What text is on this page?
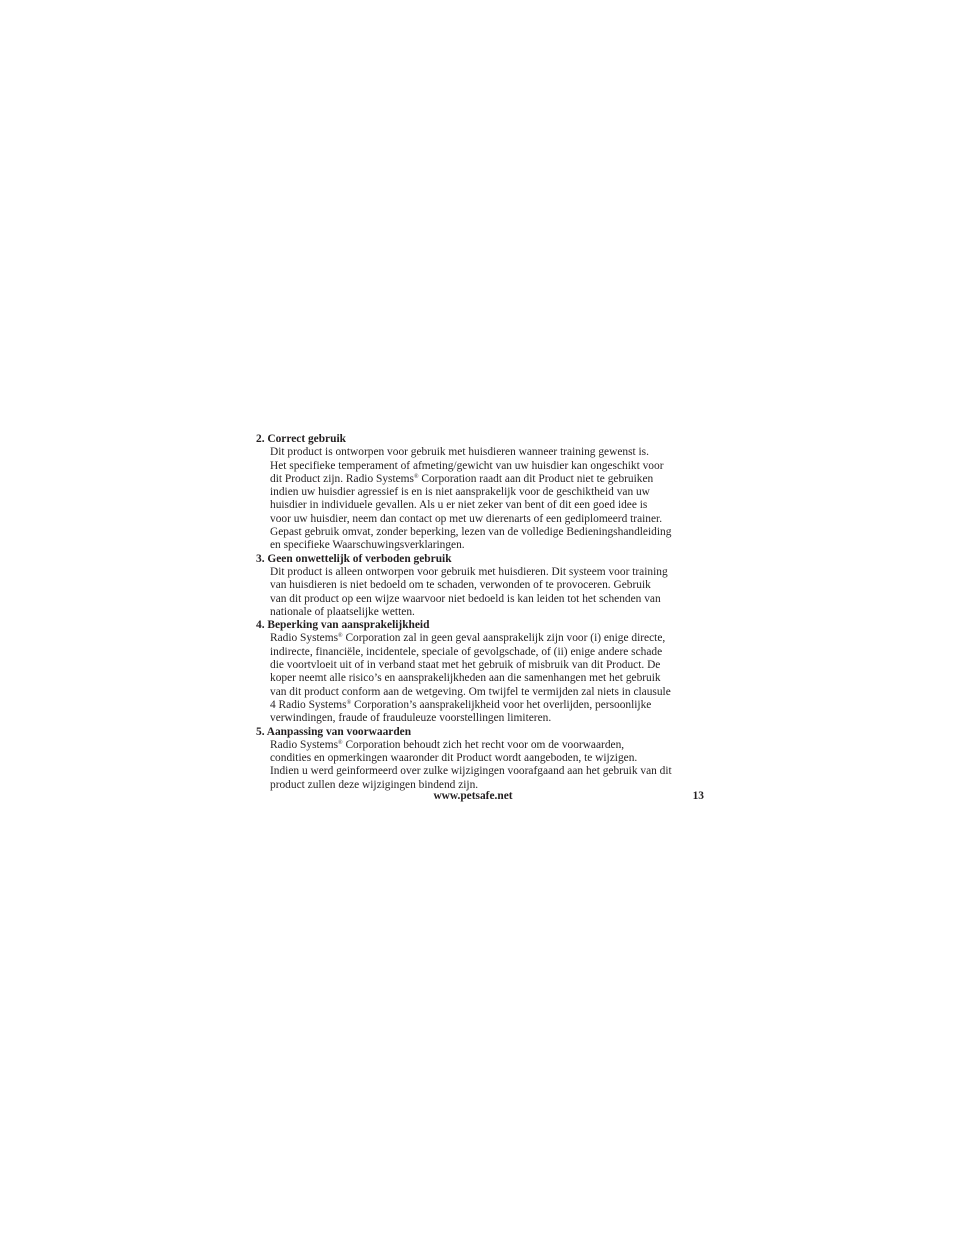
2. Correct gebruik
Dit product is ontworpen voor gebruik met huisdieren wanneer training gewenst is.
Het specifieke temperament of afmeting/gewicht van uw huisdier kan ongeschikt voor
dit Product zijn. Radio Systems® Corporation raadt aan dit Product niet te gebruiken
indien uw huisdier agressief is en is niet aansprakelijk voor de geschiktheid van uw
huisdier in individuele gevallen. Als u er niet zeker van bent of dit een goed idee is
voor uw huisdier, neem dan contact op met uw dierenarts of een gediplomeerd trainer.
Gepast gebruik omvat, zonder beperking, lezen van de volledige Bedieningshandleiding
en specifieke Waarschuwingsverklaringen.
3. Geen onwettelijk of verboden gebruik
Dit product is alleen ontworpen voor gebruik met huisdieren. Dit systeem voor training
van huisdieren is niet bedoeld om te schaden, verwonden of te provoceren. Gebruik
van dit product op een wijze waarvoor niet bedoeld is kan leiden tot het schenden van
nationale of plaatselijke wetten.
4. Beperking van aansprakelijkheid
Radio Systems® Corporation zal in geen geval aansprakelijk zijn voor (i) enige directe,
indirecte, financiële, incidentele, speciale of gevolgschade, of (ii) enige andere schade
die voortvloeit uit of in verband staat met het gebruik of misbruik van dit Product. De
koper neemt alle risico’s en aansprakelijkheden aan die samenhangen met het gebruik
van dit product conform aan de wetgeving. Om twijfel te vermijden zal niets in clausule
4 Radio Systems® Corporation’s aansprakelijkheid voor het overlijden, persoonlijke
verwindingen, fraude of frauduleuze voorstellingen limiteren.
5. Aanpassing van voorwaarden
Radio Systems® Corporation behoudt zich het recht voor om de voorwaarden,
condities en opmerkingen waaronder dit Product wordt aangeboden, te wijzigen.
Indien u werd geinformeerd over zulke wijzigingen voorafgaand aan het gebruik van dit
product zullen deze wijzigingen bindend zijn.
www.petsafe.net	13
